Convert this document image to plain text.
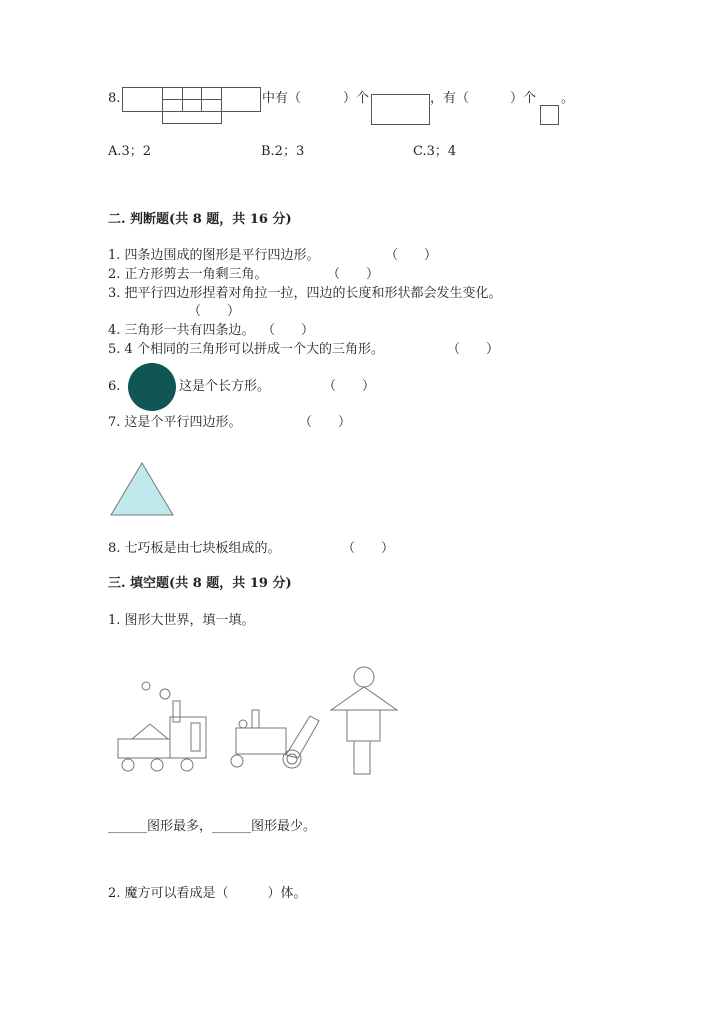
8.	中有（	）个	，有（	）个 。
A.3；2	B.2；3	C.3；4
二. 判断题(共 8 题，共 16 分)
1. 四条边围成的图形是平行四边形。	（　　）
2. 正方形剪去一角剩三角。	（　　）
3. 把平行四边形捏着对角拉一拉，四边的长度和形状都会发生变化。
（　　）
4. 三角形一共有四条边。 （　　）
5. 4 个相同的三角形可以拼成一个大的三角形。	（　　）
6.	这是个长方形。	（　　）
7. 这是个平行四边形。	（　　）
8. 七巧板是由七块板组成的。	（　　）
三. 填空题(共 8 题，共 19 分)
1. 图形大世界，填一填。
______图形最多，______图形最少。
2. 魔方可以看成是（　　　）体。
